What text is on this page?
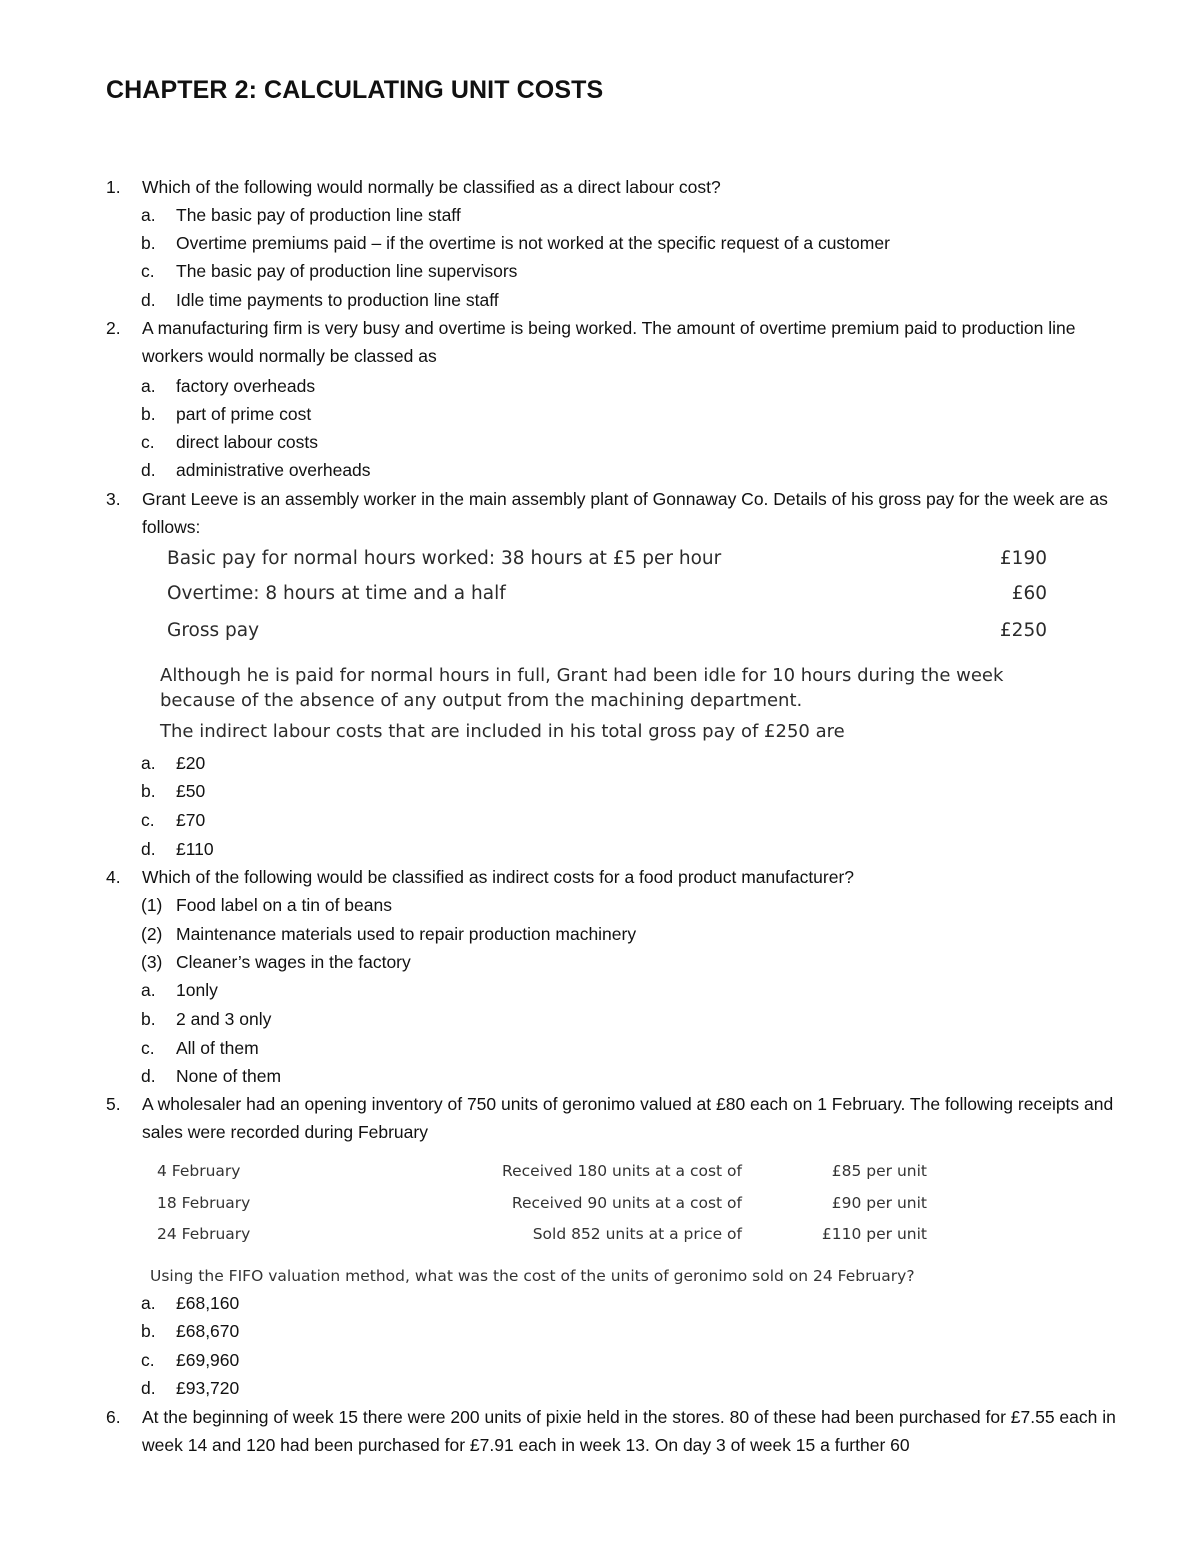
CHAPTER 2: CALCULATING UNIT COSTS
1.	Which of the following would normally be classified as a direct labour cost?
a. The basic pay of production line staff
b. Overtime premiums paid – if the overtime is not worked at the specific request of a customer
c. The basic pay of production line supervisors
d. Idle time payments to production line staff
2.	A manufacturing firm is very busy and overtime is being worked. The amount of overtime premium paid to production line workers would normally be classed as
a. factory overheads
b. part of prime cost
c. direct labour costs
d. administrative overheads
3.	Grant Leeve is an assembly worker in the main assembly plant of Gonnaway Co. Details of his gross pay for the week are as follows:
Basic pay for normal hours worked: 38 hours at £5 per hour	£190
Overtime: 8 hours at time and a half	£60
Gross pay	£250
Although he is paid for normal hours in full, Grant had been idle for 10 hours during the week
because of the absence of any output from the machining department.
The indirect labour costs that are included in his total gross pay of £250 are
a. £20
b. £50
c. £70
d. £110
4.	Which of the following would be classified as indirect costs for a food product manufacturer?
(1) Food label on a tin of beans
(2) Maintenance materials used to repair production machinery
(3) Cleaner’s wages in the factory
a. 1only
b. 2 and 3 only
c. All of them
d. None of them
5.	A wholesaler had an opening inventory of 750 units of geronimo valued at £80 each on 1 February. The following receipts and sales were recorded during February
4 February	Received 180 units at a cost of	£85 per unit
18 February	Received 90 units at a cost of	£90 per unit
24 February	Sold 852 units at a price of	£110 per unit
Using the FIFO valuation method, what was the cost of the units of geronimo sold on 24 February?
a. £68,160
b. £68,670
c. £69,960
d. £93,720
6.	At the beginning of week 15 there were 200 units of pixie held in the stores. 80 of these had been purchased for £7.55 each in week 14 and 120 had been purchased for £7.91 each in week 13. On day 3 of week 15 a further 60
